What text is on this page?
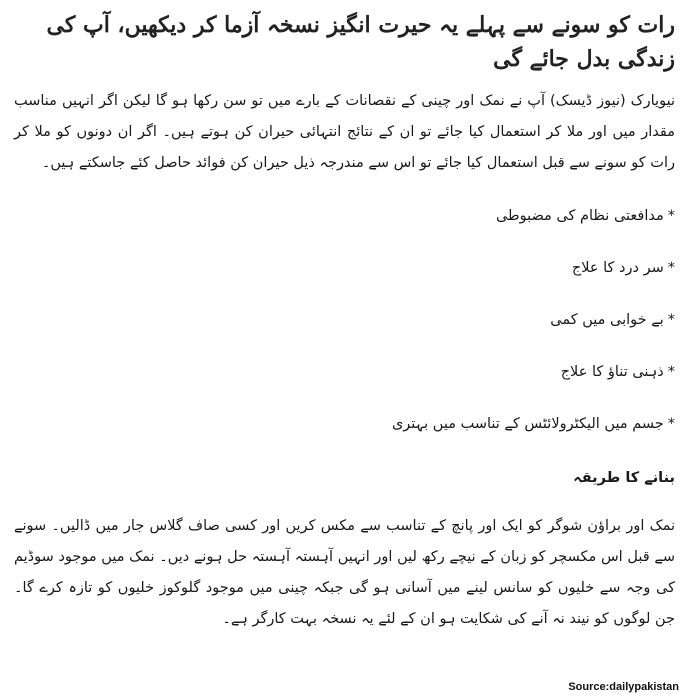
رات کو سونے سے پہلے یہ حیرت انگیز نسخہ آزما کر دیکھیں، آپ کی زندگی بدل جائے گی

نیویارک (نیوز ڈیسک) آپ نے نمک اور چینی کے نقصانات کے بارے میں تو سن رکھا ہو گا لیکن اگر انہیں مناسب مقدار میں اور ملا کر استعمال کیا جائے تو ان کے نتائج انتہائی حیران کن ہوتے ہیں۔ اگر ان دونوں کو ملا کر رات کو سونے سے قبل استعمال کیا جائے تو اس سے مندرجہ ذیل حیران کن فوائد حاصل کئے جاسکتے ہیں۔

*مدافعتی نظام کی مضبوطی
*سر درد کا علاج
*بے خوابی میں کمی
*ذہنی تناؤ کا علاج
*جسم میں الیکٹرولائٹس کے تناسب میں بہتری
بنانے کا طریقہ

نمک اور براؤن شوگر کو ایک اور پانچ کے تناسب سے مکس کریں اور کسی صاف گلاس جار میں ڈالیں۔ سونے سے قبل اس مکسچر کو زبان کے نیچے رکھ لیں اور انہیں آہستہ آہستہ حل ہونے دیں۔ نمک میں موجود سوڈیم کی وجہ سے خلیوں کو سانس لینے میں آسانی ہو گی جبکہ چینی میں موجود گلوکوز خلیوں کو تازہ کرے گا۔ جن لوگوں کو نیند نہ آنے کی شکایت ہو ان کے لئے یہ نسخہ بہت کارگر ہے۔

Source:dailypakistan
